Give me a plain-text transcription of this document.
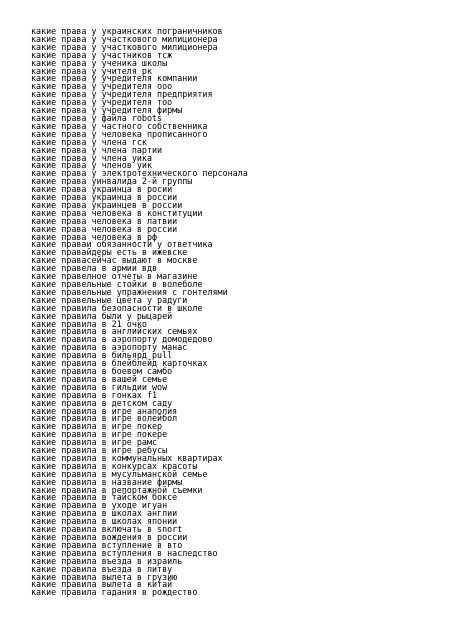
какие права у украинских пограничников
какие права у участкового милиционера
какие права у участкового милиционера
какие права у участников тсж
какие права у ученика школы
какие права у учителя рк
какие права у учредителя компании
какие права у учредителя ооо
какие права у учредителя предприятия
какие права у учредителя тоо
какие права у учредителя фирмы
какие права у файла robots
какие права у частного собственника
какие права у человека прописанного
какие права у члена гск
какие права у члена партии
какие права у члена уика
какие права у членов уик
какие права у электротехнического персонала
какие права уинвалида 2-й группы
какие права украинца в росии
какие права украинца в россии
какие права украинцев в россии
какие права человека в конституции
какие права человека в латвии
какие права человека в россии
какие права человека в рф
какие праваи обязанности у ответчика
какие правайдеры есть в ижевске
какие правасейчас выдают в москве
какие правела в армии вдв
какие правелное отчеты в магазине
какие правельные стойки в волеболе
какие правельные упражнения с гонтелями
какие правельные цвета у радуги
какие правила безопасности в школе
какие правила были у рыцарей
какие правила в 21 очко
какие правила в английских семьях
какие правила в аэропорту домодедово
какие правила в аэропорту манас
какие правила в бильярд pull
какие правила в блейблейд карточках
какие правила в боевом самбо
какие правила в вашей семье
какие правила в гильдии wow
какие правила в гонках f1
какие правила в детском саду
какие правила в игре анаполия
какие правила в игре волейбол
какие правила в игре покер
какие правила в игре покере
какие правила в игре рамс
какие правила в игре ребусы
какие правила в коммунальных квартирах
какие правила в конкурсах красоты
какие правила в мусульманской семье
какие правила в название фирмы
какие правила в репортажной съемки
какие правила в тайском боксе
какие правила в уходе игуан
какие правила в школах англии
какие правила в школах японии
какие правила включать в snort
какие правила вождения в россии
какие правила вступление в вто
какие правила вступления в наследство
какие правила въезда в израиль
какие правила въезда в литву
какие правила вылета в грузию
какие правила вылета в китай
какие правила гадания в рождество
